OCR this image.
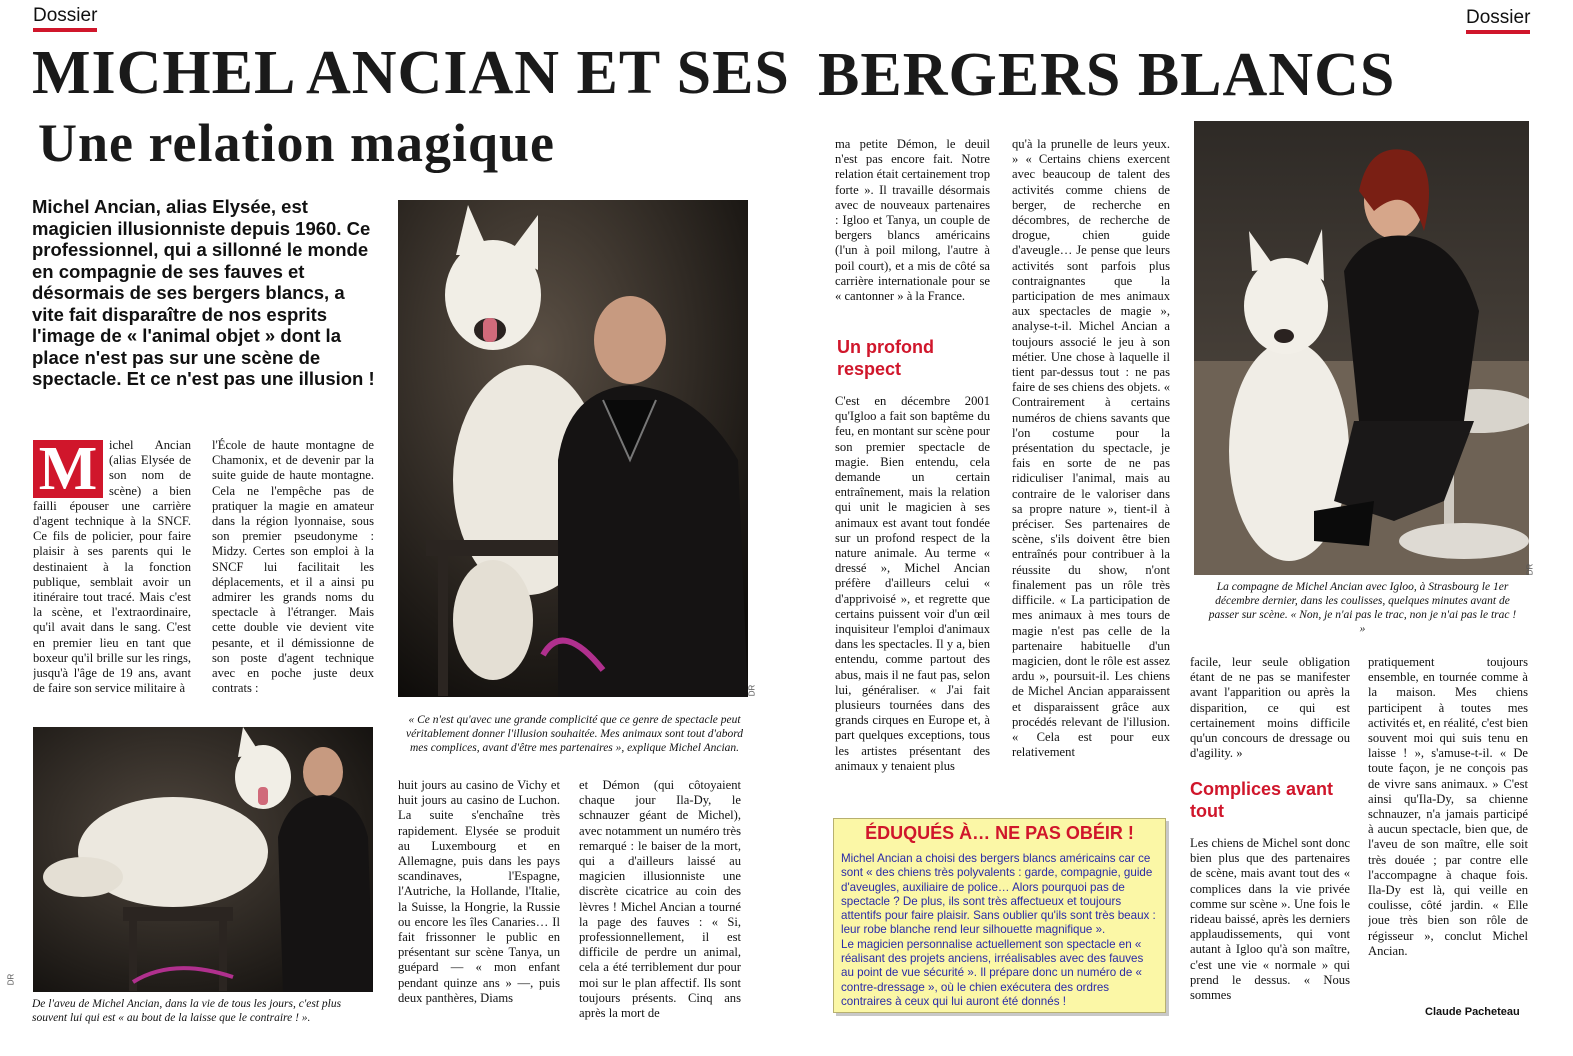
Dossier	Dossier
MICHEL ANCIAN ET SES BERGERS BLANCS
Une relation magique
Michel Ancian, alias Elysée, est magicien illusionniste depuis 1960. Ce professionnel, qui a sillonné le monde en compagnie de ses fauves et désormais de ses bergers blancs, a vite fait disparaître de nos esprits l'image de « l'animal objet » dont la place n'est pas sur une scène de spectacle. Et ce n'est pas une illusion !
M ichel Ancian (alias Elysée de son nom de scène) a bien failli épouser une carrière d'agent technique à la SNCF. Ce fils de policier, pour faire plaisir à ses parents qui le destinaient à la fonction publique, semblait avoir un itinéraire tout tracé. Mais c'est la scène, et l'extraordinaire, qu'il avait dans le sang. C'est en premier lieu en tant que boxeur qu'il brille sur les rings, jusqu'à l'âge de 19 ans, avant de faire son service militaire à
l'École de haute montagne de Chamonix, et de devenir par la suite guide de haute montagne. Cela ne l'empêche pas de pratiquer la magie en amateur dans la région lyonnaise, sous son premier pseudonyme : Midzy. Certes son emploi à la SNCF lui facilitait les déplacements, et il a ainsi pu admirer les grands noms du spectacle à l'étranger. Mais cette double vie devient vite pesante, et il démissionne de son poste d'agent technique avec en poche juste deux contrats :	DR
« Ce n'est qu'avec une grande complicité que ce genre de spectacle peut véritablement donner l'illusion souhaitée. Mes animaux sont tout d'abord mes complices, avant d'être mes partenaires », explique Michel Ancian.
DR
De l'aveu de Michel Ancian, dans la vie de tous les jours, c'est plus souvent lui qui est « au bout de la laisse que le contraire ! ».
huit jours au casino de Vichy et huit jours au casino de Luchon. La suite s'enchaîne très rapidement. Elysée se produit au Luxembourg et en Allemagne, puis dans les pays scandinaves, l'Espagne, l'Autriche, la Hollande, l'Italie, la Suisse, la Hongrie, la Russie ou encore les îles Canaries… Il fait frissonner le public en présentant sur scène Tanya, un guépard — « mon enfant pendant quinze ans » —, puis deux panthères, Diams
et Démon (qui côtoyaient chaque jour Ila-Dy, le schnauzer géant de Michel), avec notamment un numéro très remarqué : le baiser de la mort, qui a d'ailleurs laissé au magicien illusionniste une discrète cicatrice au coin des lèvres ! Michel Ancian a tourné la page des fauves : « Si, professionnellement, il est difficile de perdre un animal, cela a été terriblement dur pour moi sur le plan affectif. Ils sont toujours présents. Cinq ans après la mort de
ma petite Démon, le deuil n'est pas encore fait. Notre relation était certainement trop forte ». Il travaille désormais avec de nouveaux partenaires : Igloo et Tanya, un couple de bergers blancs américains (l'un à poil milong, l'autre à poil court), et a mis de côté sa carrière internationale pour se « cantonner » à la France.
Un profond respect
C'est en décembre 2001 qu'Igloo a fait son baptême du feu, en montant sur scène pour son premier spectacle de magie. Bien entendu, cela demande un certain entraînement, mais la relation qui unit le magicien à ses animaux est avant tout fondée sur un profond respect de la nature animale. Au terme « dressé », Michel Ancian préfère d'ailleurs celui « d'apprivoisé », et regrette que certains puissent voir d'un œil inquisiteur l'emploi d'animaux dans les spectacles. Il y a, bien entendu, comme partout des abus, mais il ne faut pas, selon lui, généraliser. « J'ai fait plusieurs tournées dans des grands cirques en Europe et, à part quelques exceptions, tous les artistes présentant des animaux y tenaient plus
qu'à la prunelle de leurs yeux. » « Certains chiens exercent avec beaucoup de talent des activités comme chiens de berger, de recherche en décombres, de recherche de drogue, chien guide d'aveugle… Je pense que leurs activités sont parfois plus contraignantes que la participation de mes animaux aux spectacles de magie », analyse-t-il. Michel Ancian a toujours associé le jeu à son métier. Une chose à laquelle il tient par-dessus tout : ne pas faire de ses chiens des objets. « Contrairement à certains numéros de chiens savants que l'on costume pour la présentation du spectacle, je fais en sorte de ne pas ridiculiser l'animal, mais au contraire de le valoriser dans sa propre nature », tient-il à préciser. Ses partenaires de scène, s'ils doivent être bien entraînés pour contribuer à la réussite du show, n'ont finalement pas un rôle très difficile. « La participation de mes animaux à mes tours de magie n'est pas celle de la partenaire habituelle d'un magicien, dont le rôle est assez ardu », poursuit-il. Les chiens de Michel Ancian apparaissent et disparaissent grâce aux procédés relevant de l'illusion. « Cela est pour eux relativement
DR
La compagne de Michel Ancian avec Igloo, à Strasbourg le 1er décembre dernier, dans les coulisses, quelques minutes avant de passer sur scène. « Non, je n'ai pas le trac, non je n'ai pas le trac ! »
facile, leur seule obligation étant de ne pas se manifester avant l'apparition ou après la disparition, ce qui est certainement moins difficile qu'un concours de dressage ou d'agility. »
Complices avant tout
Les chiens de Michel sont donc bien plus que des partenaires de scène, mais avant tout des « complices dans la vie privée comme sur scène ». Une fois le rideau baissé, après les derniers applaudissements, qui vont autant à Igloo qu'à son maître, c'est une vie « normale » qui prend le dessus. « Nous sommes
pratiquement toujours ensemble, en tournée comme à la maison. Mes chiens participent à toutes mes activités et, en réalité, c'est bien souvent moi qui suis tenu en laisse ! », s'amuse-t-il. « De toute façon, je ne conçois pas de vivre sans animaux. » C'est ainsi qu'Ila-Dy, sa chienne schnauzer, n'a jamais participé à aucun spectacle, bien que, de l'aveu de son maître, elle soit très douée ; par contre elle l'accompagne à chaque fois. Ila-Dy est là, qui veille en coulisse, côté jardin. « Elle joue très bien son rôle de régisseur », conclut Michel Ancian.
Claude Pacheteau
ÉDUQUÉS À… NE PAS OBÉIR !
Michel Ancian a choisi des bergers blancs américains car ce sont « des chiens très polyvalents : garde, compagnie, guide d'aveugles, auxiliaire de police… Alors pourquoi pas de spectacle ? De plus, ils sont très affectueux et toujours attentifs pour faire plaisir. Sans oublier qu'ils sont très beaux : leur robe blanche rend leur silhouette magnifique ».
Le magicien personnalise actuellement son spectacle en « réalisant des projets anciens, irréalisables avec des fauves au point de vue sécurité ». Il prépare donc un numéro de « contre-dressage », où le chien exécutera des ordres contraires à ceux qui lui auront été donnés !
